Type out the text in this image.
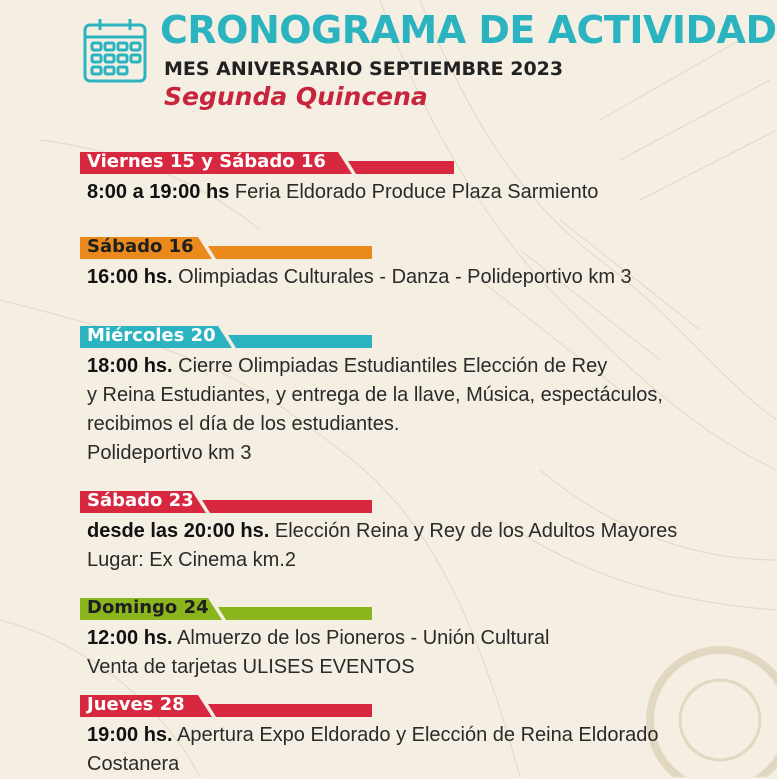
CRONOGRAMA DE ACTIVIDAD
MES ANIVERSARIO SEPTIEMBRE 2023
Segunda Quincena
Viernes 15 y Sábado 16
8:00 a 19:00 hs Feria Eldorado Produce Plaza Sarmiento
Sábado 16
16:00 hs. Olimpiadas Culturales - Danza - Polideportivo km 3
Miércoles 20
18:00 hs. Cierre Olimpiadas Estudiantiles Elección de Rey
y Reina Estudiantes, y entrega de la llave, Música, espectáculos,
recibimos el día de los estudiantes.
Polideportivo km 3
Sábado 23
desde las 20:00 hs. Elección Reina y Rey de los Adultos Mayores
Lugar: Ex Cinema km.2
Domingo 24
12:00 hs. Almuerzo de los Pioneros - Unión Cultural
Venta de tarjetas ULISES EVENTOS
Jueves 28
19:00 hs. Apertura Expo Eldorado y Elección de Reina Eldorado
Costanera
